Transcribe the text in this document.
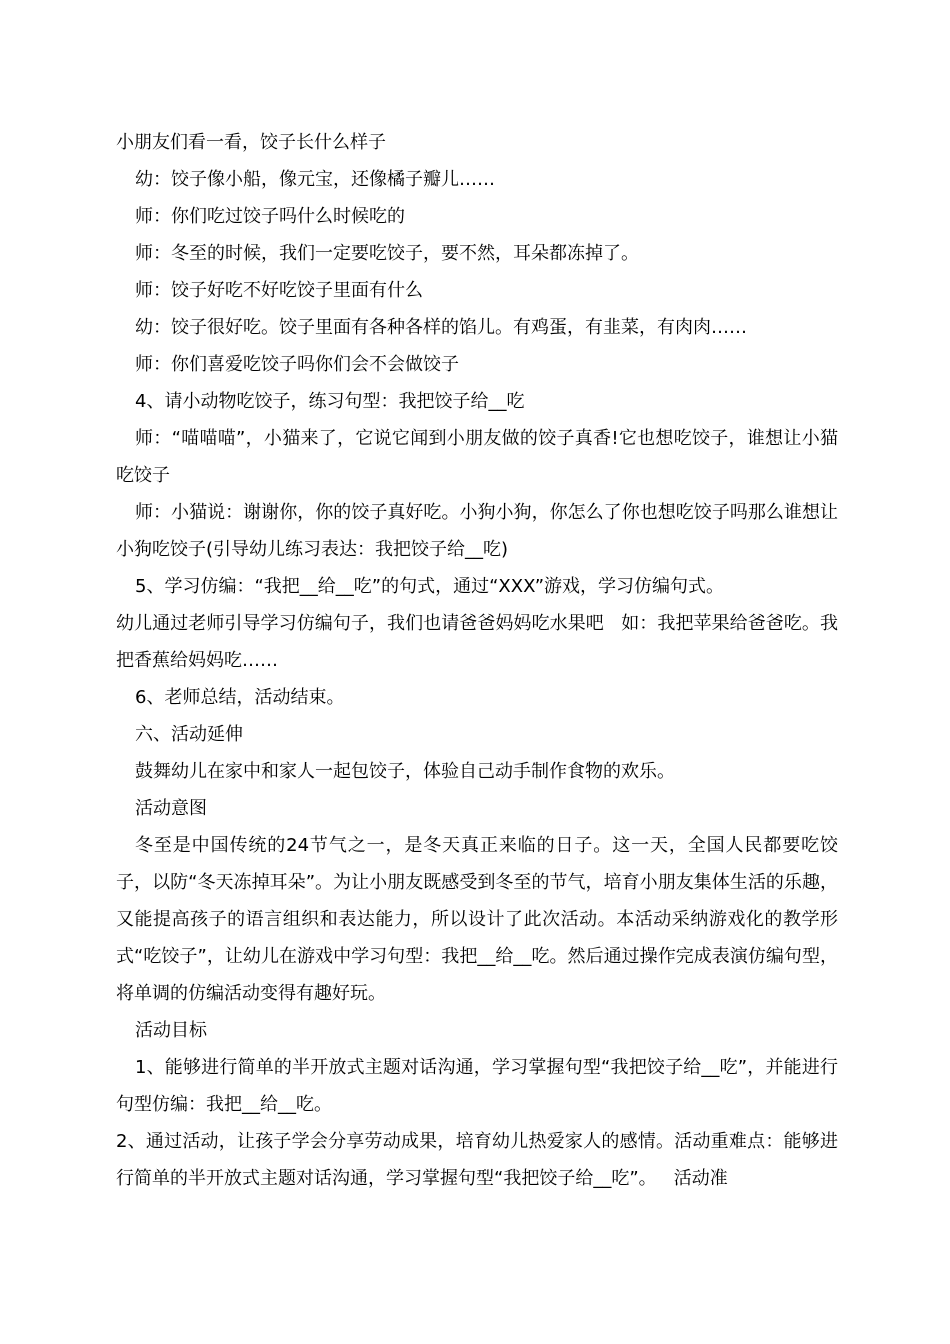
小朋友们看一看，饺子长什么样子

幼：饺子像小船，像元宝，还像橘子瓣儿……

师：你们吃过饺子吗什么时候吃的

师：冬至的时候，我们一定要吃饺子，要不然，耳朵都冻掉了。

师：饺子好吃不好吃饺子里面有什么

幼：饺子很好吃。饺子里面有各种各样的馅儿。有鸡蛋，有韭菜，有肉肉……

师：你们喜爱吃饺子吗你们会不会做饺子

4、请小动物吃饺子，练习句型：我把饺子给__吃

师：“喵喵喵”，小猫来了，它说它闻到小朋友做的饺子真香!它也想吃饺子，谁想让小猫吃饺子

师：小猫说：谢谢你，你的饺子真好吃。小狗小狗，你怎么了你也想吃饺子吗那么谁想让小狗吃饺子(引导幼儿练习表达：我把饺子给__吃)

5、学习仿编：“我把__给__吃”的句式，通过“XXX”游戏，学习仿编句式。

幼儿通过老师引导学习仿编句子，我们也请爸爸妈妈吃水果吧   如：我把苹果给爸爸吃。我把香蕉给妈妈吃……

6、老师总结，活动结束。

六、活动延伸

鼓舞幼儿在家中和家人一起包饺子，体验自己动手制作食物的欢乐。

活动意图

冬至是中国传统的24节气之一，是冬天真正来临的日子。这一天，全国人民都要吃饺子，以防“冬天冻掉耳朵”。为让小朋友既感受到冬至的节气，培育小朋友集体生活的乐趣，又能提高孩子的语言组织和表达能力，所以设计了此次活动。本活动采纳游戏化的教学形式“吃饺子”，让幼儿在游戏中学习句型：我把__给__吃。然后通过操作完成表演仿编句型，将单调的仿编活动变得有趣好玩。

活动目标

1、能够进行简单的半开放式主题对话沟通，学习掌握句型“我把饺子给__吃”，并能进行句型仿编：我把__给__吃。

2、通过活动，让孩子学会分享劳动成果，培育幼儿热爱家人的感情。活动重难点：能够进行简单的半开放式主题对话沟通，学习掌握句型“我把饺子给__吃”。   活动准
